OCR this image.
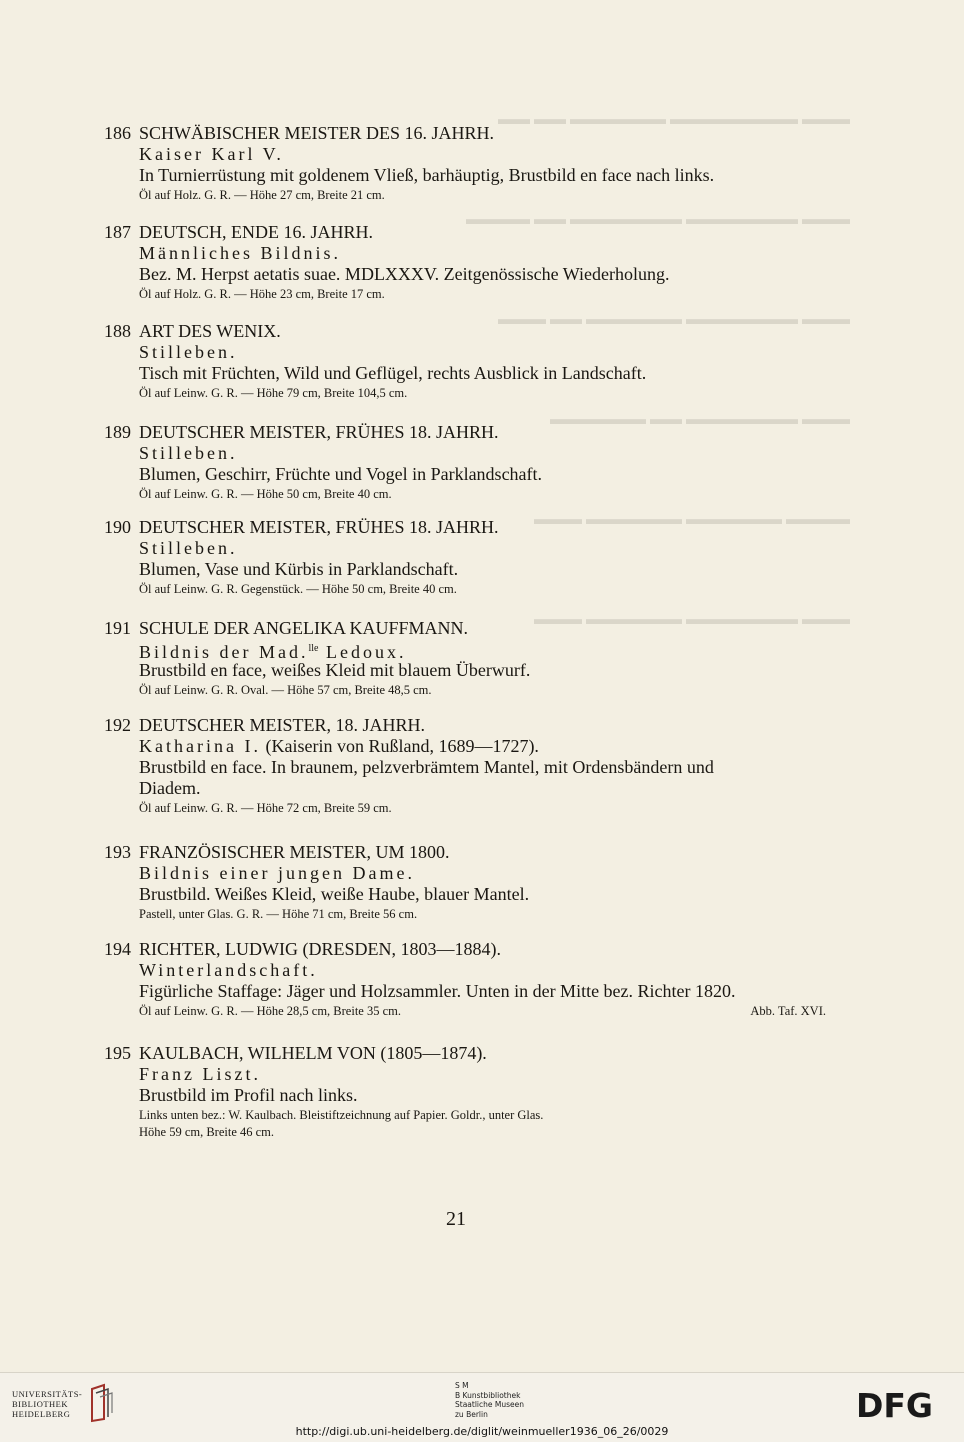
▬▬▬ ▬▬▬▬▬▬▬▬ ▬▬▬▬▬▬ ▬▬ ▬▬
▬▬▬ ▬▬▬▬▬▬▬ ▬▬▬▬▬▬▬ ▬▬ ▬▬▬▬
▬▬▬ ▬▬▬▬▬▬▬ ▬▬▬▬▬▬ ▬▬ ▬▬▬
▬▬▬ ▬▬▬▬▬▬▬ ▬▬ ▬▬▬▬▬▬
▬▬▬▬ ▬▬▬▬▬▬ ▬▬▬▬▬▬ ▬▬▬
▬▬▬ ▬▬▬▬▬▬▬ ▬▬▬▬▬▬ ▬▬▬
186 SCHWÄBISCHER MEISTER DES 16. JAHRH.
Kaiser Karl V.
In Turnierrüstung mit goldenem Vließ, barhäuptig, Brustbild en face nach links.
Öl auf Holz. G. R. — Höhe 27 cm, Breite 21 cm.
187 DEUTSCH, ENDE 16. JAHRH.
Männliches Bildnis.
Bez. M. Herpst aetatis suae. MDLXXXV. Zeitgenössische Wiederholung.
Öl auf Holz. G. R. — Höhe 23 cm, Breite 17 cm.
188 ART DES WENIX.
Stilleben.
Tisch mit Früchten, Wild und Geflügel, rechts Ausblick in Landschaft.
Öl auf Leinw. G. R. — Höhe 79 cm, Breite 104,5 cm.
189 DEUTSCHER MEISTER, FRÜHES 18. JAHRH.
Stilleben.
Blumen, Geschirr, Früchte und Vogel in Parklandschaft.
Öl auf Leinw. G. R. — Höhe 50 cm, Breite 40 cm.
190 DEUTSCHER MEISTER, FRÜHES 18. JAHRH.
Stilleben.
Blumen, Vase und Kürbis in Parklandschaft.
Öl auf Leinw. G. R. Gegenstück. — Höhe 50 cm, Breite 40 cm.
191 SCHULE DER ANGELIKA KAUFFMANN.
Bildnis der Mad.$^{lle}$ Ledoux.
Brustbild en face, weißes Kleid mit blauem Überwurf.
Öl auf Leinw. G. R. Oval. — Höhe 57 cm, Breite 48,5 cm.
192 DEUTSCHER MEISTER, 18. JAHRH.
Katharina I. (Kaiserin von Rußland, 1689—1727).
Brustbild en face. In braunem, pelzverbrämtem Mantel, mit Ordensbändern und
Diadem.
Öl auf Leinw. G. R. — Höhe 72 cm, Breite 59 cm.
193 FRANZÖSISCHER MEISTER, UM 1800.
Bildnis einer jungen Dame.
Brustbild. Weißes Kleid, weiße Haube, blauer Mantel.
Pastell, unter Glas. G. R. — Höhe 71 cm, Breite 56 cm.
194 RICHTER, LUDWIG (DRESDEN, 1803—1884).
Winterlandschaft.
Figürliche Staffage: Jäger und Holzsammler. Unten in der Mitte bez. Richter 1820.
Öl auf Leinw. G. R. — Höhe 28,5 cm, Breite 35 cm.	Abb. Taf. XVI.
195 KAULBACH, WILHELM VON (1805—1874).
Franz Liszt.
Brustbild im Profil nach links.
Links unten bez.: W. Kaulbach. Bleistiftzeichnung auf Papier. Goldr., unter Glas.
Höhe 59 cm, Breite 46 cm.
21
UNIVERSITÄTS-
BIBLIOTHEK
HEIDELBERG
S M
B Kunstbibliothek
Staatliche Museen
zu Berlin	DFG
http://digi.ub.uni-heidelberg.de/diglit/weinmueller1936_06_26/0029
